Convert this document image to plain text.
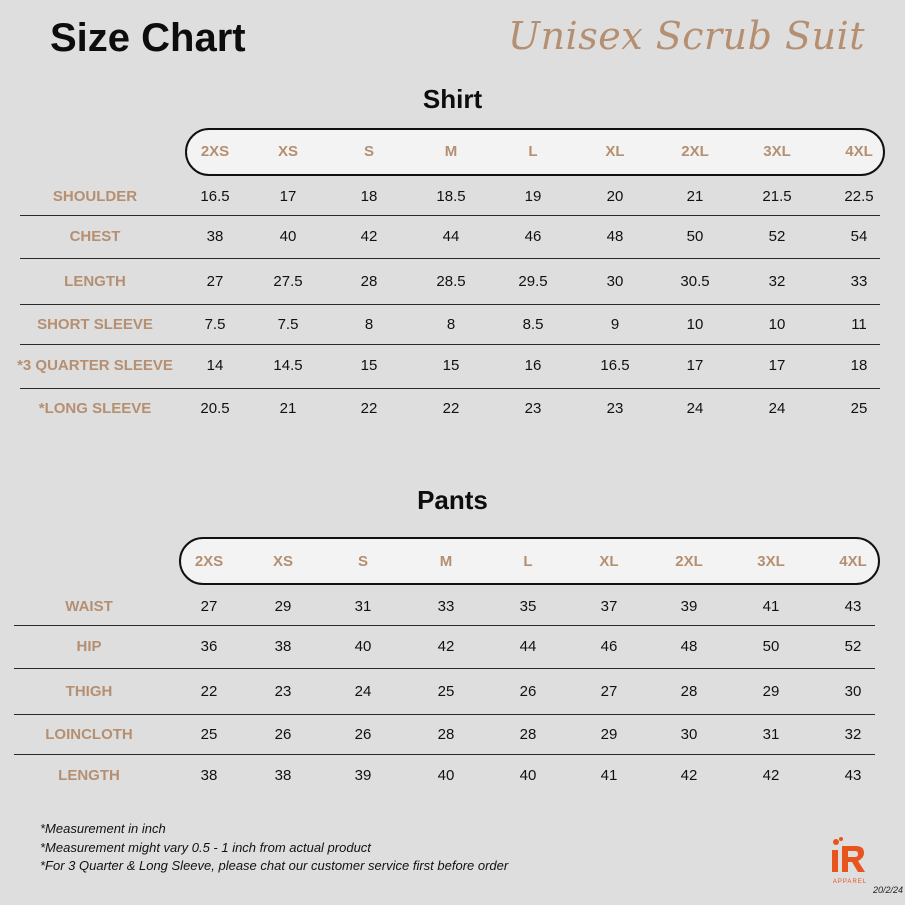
Size Chart	Unisex Scrub Suit
Shirt
2XS	XS	S	M	L	XL	2XL	3XL	4XL
SHOULDER	16.5	17	18	18.5	19	20	21	21.5	22.5
CHEST	38	40	42	44	46	48	50	52	54
LENGTH	27	27.5	28	28.5	29.5	30	30.5	32	33
SHORT SLEEVE	7.5	7.5	8	8	8.5	9	10	10	11
*3 QUARTER SLEEVE	14	14.5	15	15	16	16.5	17	17	18
*LONG SLEEVE	20.5	21	22	22	23	23	24	24	25
Pants
2XS	XS	S	M	L	XL	2XL	3XL	4XL
WAIST	27	29	31	33	35	37	39	41	43
HIP	36	38	40	42	44	46	48	50	52
THIGH	22	23	24	25	26	27	28	29	30
LOINCLOTH	25	26	26	28	28	29	30	31	32
LENGTH	38	38	39	40	40	41	42	42	43
*Measurement in inch
*Measurement might vary 0.5 - 1 inch from actual product
*For 3 Quarter & Long Sleeve, please chat our customer service first before order
APPAREL
20/2/24
